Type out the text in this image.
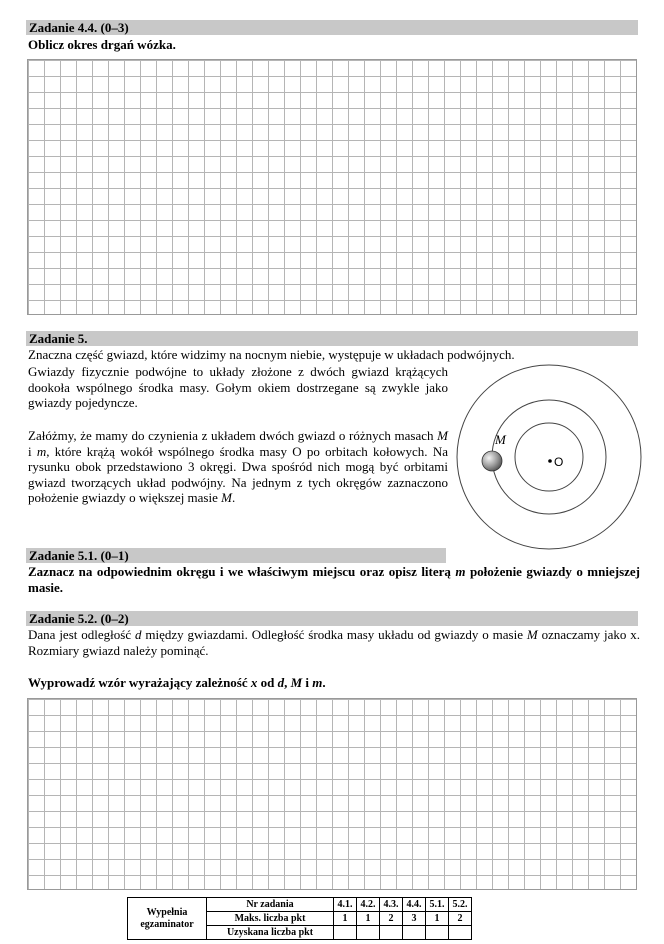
Zadanie 4.4. (0–3)
Oblicz okres drgań wózka.
Zadanie 5.
Znaczna część gwiazd, które widzimy na nocnym niebie, występuje w układach podwójnych.
Gwiazdy fizycznie podwójne to układy złożone z dwóch gwiazd krążących dookoła wspólnego środka masy. Gołym okiem dostrzegane są zwykle jako gwiazdy pojedyncze.
Załóżmy, że mamy do czynienia z układem dwóch gwiazd o różnych masach M i m, które krążą wokół wspólnego środka masy O po orbitach kołowych. Na rysunku obok przedstawiono 3 okręgi. Dwa spośród nich mogą być orbitami gwiazd tworzących układ podwójny. Na jednym z tych okręgów zaznaczono położenie gwiazdy o większej masie M.
M
O
Zadanie 5.1. (0–1)
Zaznacz na odpowiednim okręgu i we właściwym miejscu oraz opisz literą m położenie gwiazdy o mniejszej masie.
Zadanie 5.2. (0–2)
Dana jest odległość d między gwiazdami. Odległość środka masy układu od gwiazdy o masie M oznaczamy jako x. Rozmiary gwiazd należy pominąć.
Wyprowadź wzór wyrażający zależność x od d, M i m.
Wypełnia egzaminator	Nr zadania	4.1.	4.2.	4.3.	4.4.	5.1.	5.2.
	Maks. liczba pkt	1	1	2	3	1	2
	Uzyskana liczba pkt						
